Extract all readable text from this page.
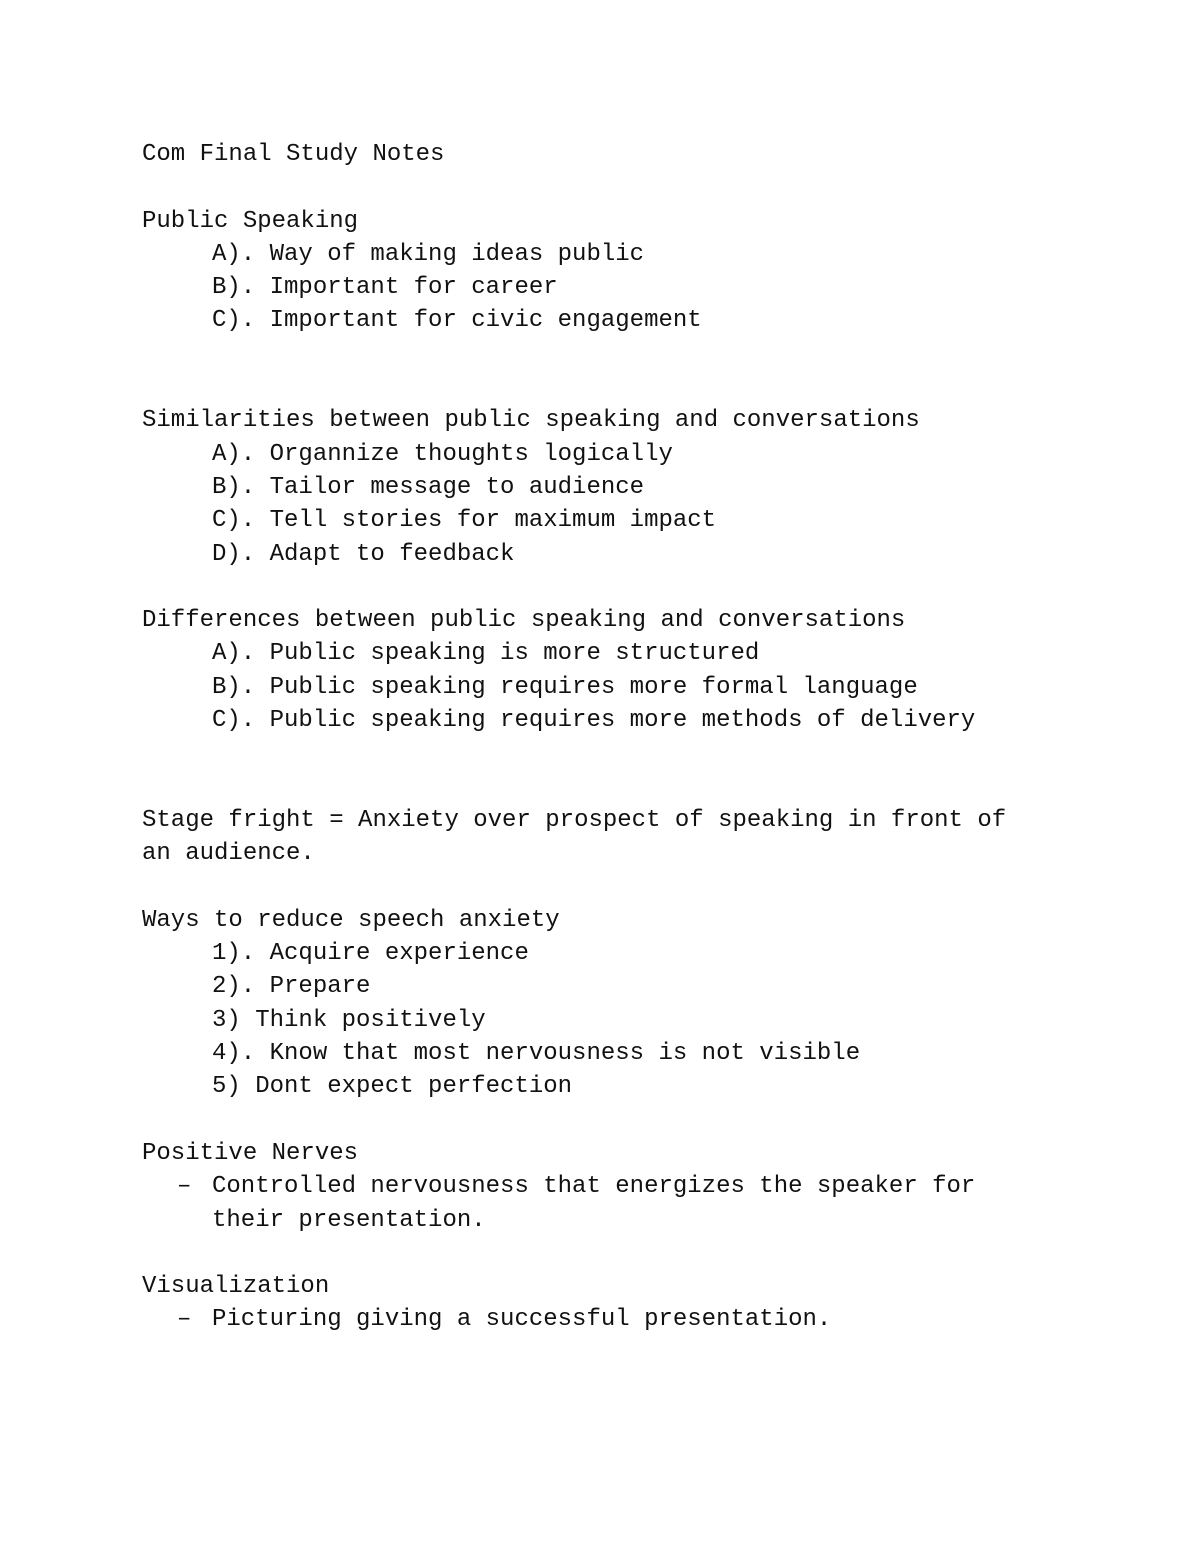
Com Final Study Notes
Public Speaking
A). Way of making ideas public
B). Important for career
C). Important for civic engagement
Similarities between public speaking and conversations
A). Organnize thoughts logically
B). Tailor message to audience
C). Tell stories for maximum impact
D). Adapt to feedback
Differences between public speaking and conversations
A). Public speaking is more structured
B). Public speaking requires more formal language
C). Public speaking requires more methods of delivery
Stage fright = Anxiety over prospect of speaking in front of an audience.
Ways to reduce speech anxiety
1). Acquire experience
2). Prepare
3) Think positively
4). Know that most nervousness is not visible
5) Dont expect perfection
Positive Nerves
– Controlled nervousness that energizes the speaker for their presentation.
Visualization
– Picturing giving a successful presentation.
